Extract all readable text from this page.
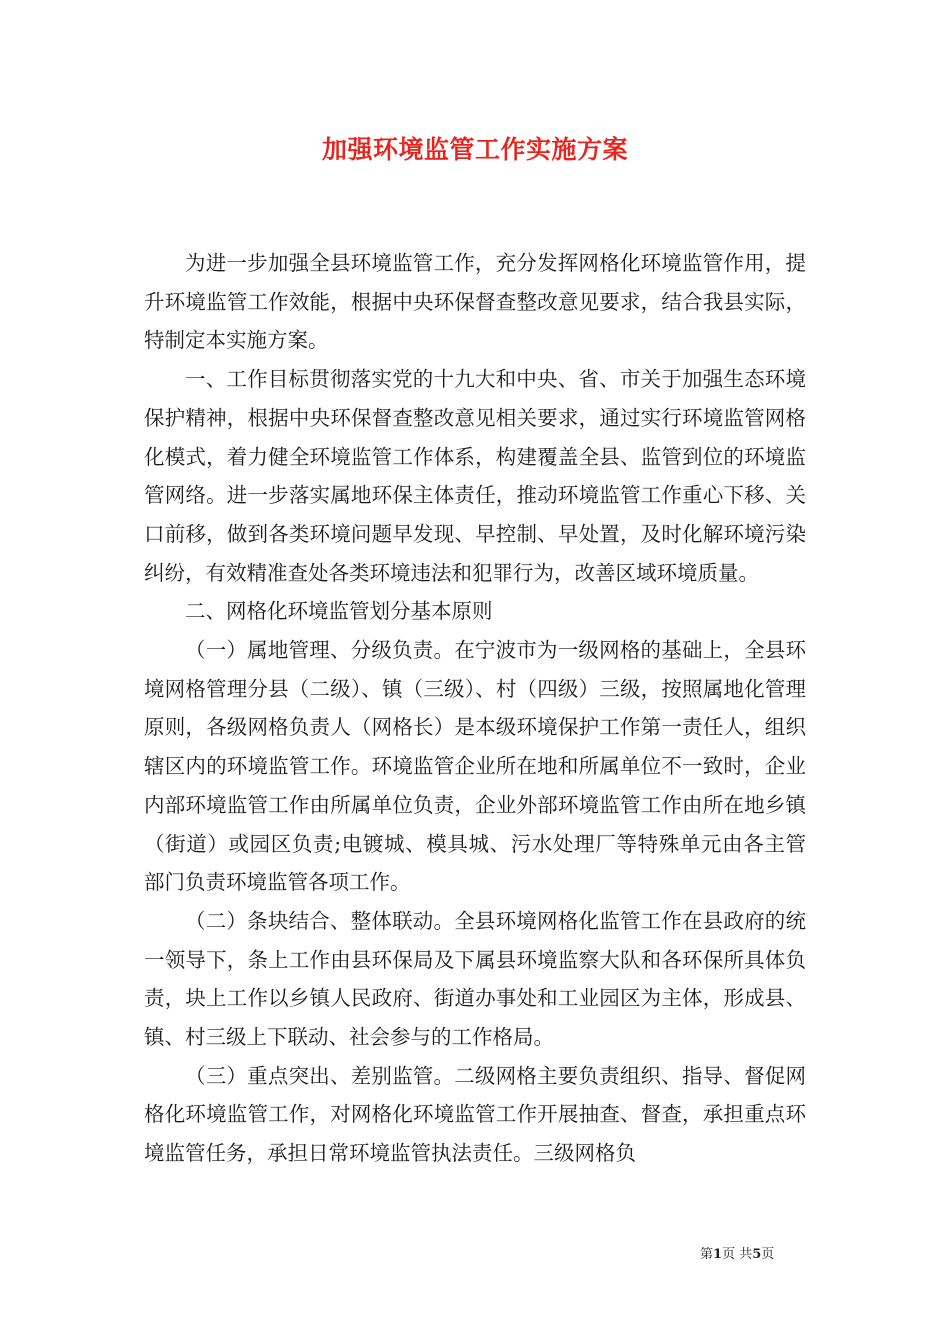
加强环境监管工作实施方案

为进一步加强全县环境监管工作，充分发挥网格化环境监管作用，提升环境监管工作效能，根据中央环保督查整改意见要求，结合我县实际，特制定本实施方案。

一、工作目标贯彻落实党的十九大和中央、省、市关于加强生态环境保护精神，根据中央环保督查整改意见相关要求，通过实行环境监管网格化模式，着力健全环境监管工作体系，构建覆盖全县、监管到位的环境监管网络。进一步落实属地环保主体责任，推动环境监管工作重心下移、关口前移，做到各类环境问题早发现、早控制、早处置，及时化解环境污染纠纷，有效精准查处各类环境违法和犯罪行为，改善区域环境质量。

二、网格化环境监管划分基本原则

（一）属地管理、分级负责。在宁波市为一级网格的基础上，全县环境网格管理分县（二级）、镇（三级）、村（四级）三级，按照属地化管理原则，各级网格负责人（网格长）是本级环境保护工作第一责任人，组织辖区内的环境监管工作。环境监管企业所在地和所属单位不一致时，企业内部环境监管工作由所属单位负责，企业外部环境监管工作由所在地乡镇（街道）或园区负责;电镀城、模具城、污水处理厂等特殊单元由各主管部门负责环境监管各项工作。

（二）条块结合、整体联动。全县环境网格化监管工作在县政府的统一领导下，条上工作由县环保局及下属县环境监察大队和各环保所具体负责，块上工作以乡镇人民政府、街道办事处和工业园区为主体，形成县、镇、村三级上下联动、社会参与的工作格局。

（三）重点突出、差别监管。二级网格主要负责组织、指导、督促网格化环境监管工作，对网格化环境监管工作开展抽查、督查，承担重点环境监管任务，承担日常环境监管执法责任。三级网格负

第1页 共5页
